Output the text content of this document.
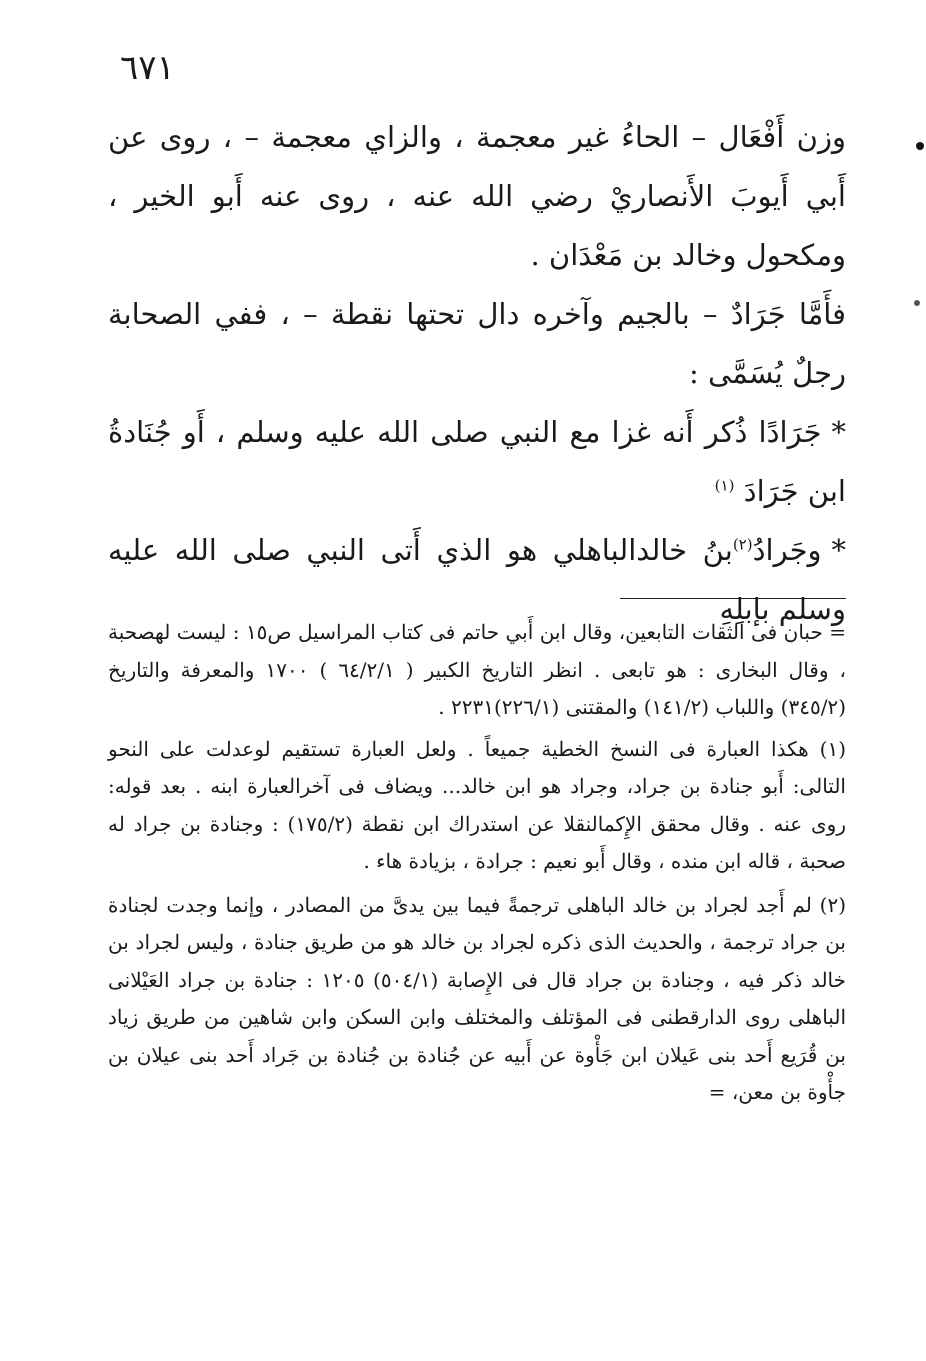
٦٧١

وزن أَفْعَال – الحاءُ غير معجمة ، والزاي معجمة – ، روى عن أَبي أَيوبَ الأَنصاريْ رضي الله عنه ، روى عنه أَبو الخير ، ومكحول وخالد بن مَعْدَان .

فأَمَّا جَرَادٌ – بالجيم وآخره دال تحتها نقطة – ، ففي الصحابة رجلٌ يُسَمَّى :

*جَرَادًا ذُكر أَنه غزا مع النبي صلى الله عليه وسلم ، أَو جُنَادةُ ابن جَرَادَ $^{(١)}$

*وجَرادُ$^{(٢)}$بنُ خالدالباهلي هو الذي أَتى النبي صلى الله عليه وسلم بإبلِهِ

= حبان فى الثقات التابعين، وقال ابن أَبي حاتم فى كتاب المراسيل ص١٥ : ليست لهصحبة ، وقال البخارى : هو تابعى . انظر التاريخ الكبير ( ٦٤/٢/١ ) ١٧٠٠ والمعرفة والتاريخ (٣٤٥/٢) واللباب (١٤١/٢) والمقتنى (٢٢٦/١)٢٢٣١ .

(١) هكذا العبارة فى النسخ الخطية جميعاً . ولعل العبارة تستقيم لوعدلت على النحو التالى: أَبو جنادة بن جراد، وجراد هو ابن خالد... ويضاف فى آخرالعبارة ابنه . بعد قوله: روى عنه . وقال محقق الإِكمالنقلا عن استدراك ابن نقطة (١٧٥/٢) : وجنادة بن جراد له صحبة ، قاله ابن منده ، وقال أَبو نعيم : جرادة ، بزيادة هاء .

(٢) لم أَجد لجراد بن خالد الباهلى ترجمةً فيما بين يدىَّ من المصادر ، وإنما وجدت لجنادة بن جراد ترجمة ، والحديث الذى ذكره لجراد بن خالد هو من طريق جنادة ، وليس لجراد بن خالد ذكر فيه ، وجنادة بن جراد قال فى الإِصابة (٥٠٤/١) ١٢٠٥ : جنادة بن جراد العَيْلانى الباهلى روى الدارقطنى فى المؤتلف والمختلف وابن السكن وابن شاهين من طريق زياد بن قُرَيع أَحد بنى عَيلان ابن جَأْوة عن أَبيه عن جُنادة بن جُنادة بن جَراد أَحد بنى عيلان بن جأْوة بن معن، =
